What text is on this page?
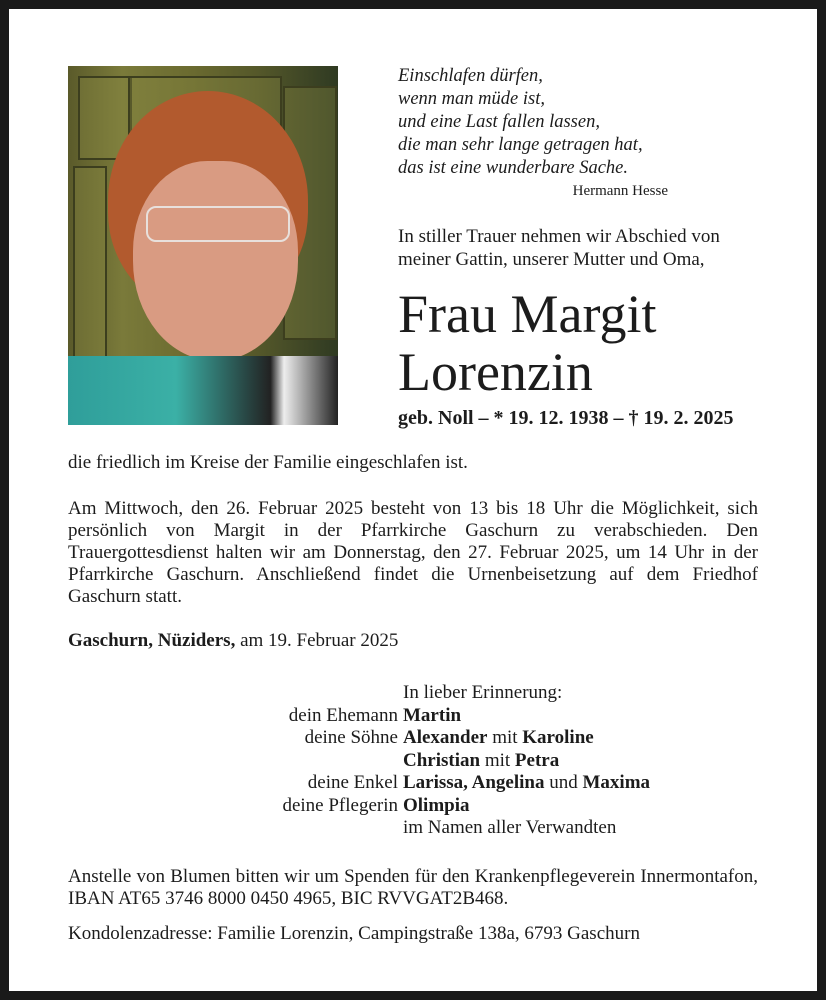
Einschlafen dürfen,
wenn man müde ist,
und eine Last fallen lassen,
die man sehr lange getragen hat,
das ist eine wunderbare Sache.
Hermann Hesse
In stiller Trauer nehmen wir Abschied von
meiner Gattin, unserer Mutter und Oma,
Frau Margit
Lorenzin
geb. Noll – * 19. 12. 1938 – † 19. 2. 2025
die friedlich im Kreise der Familie eingeschlafen ist.
Am Mittwoch, den 26. Februar 2025 besteht von 13 bis 18 Uhr die Möglichkeit, sich persönlich von Margit in der Pfarrkirche Gaschurn zu verabschieden. Den Trauergottesdienst halten wir am Donnerstag, den 27. Februar 2025, um 14 Uhr in der Pfarrkirche Gaschurn. Anschließend findet die Urnenbeisetzung auf dem Friedhof Gaschurn statt.
Gaschurn, Nüziders, am 19. Februar 2025
In lieber Erinnerung:
dein Ehemann Martin
deine Söhne Alexander mit Karoline
Christian mit Petra
deine Enkel Larissa, Angelina und Maxima
deine Pflegerin Olimpia
im Namen aller Verwandten
Anstelle von Blumen bitten wir um Spenden für den Krankenpflegeverein Innermontafon, IBAN AT65 3746 8000 0450 4965, BIC RVVGAT2B468.
Kondolenzadresse: Familie Lorenzin, Campingstraße 138a, 6793 Gaschurn
